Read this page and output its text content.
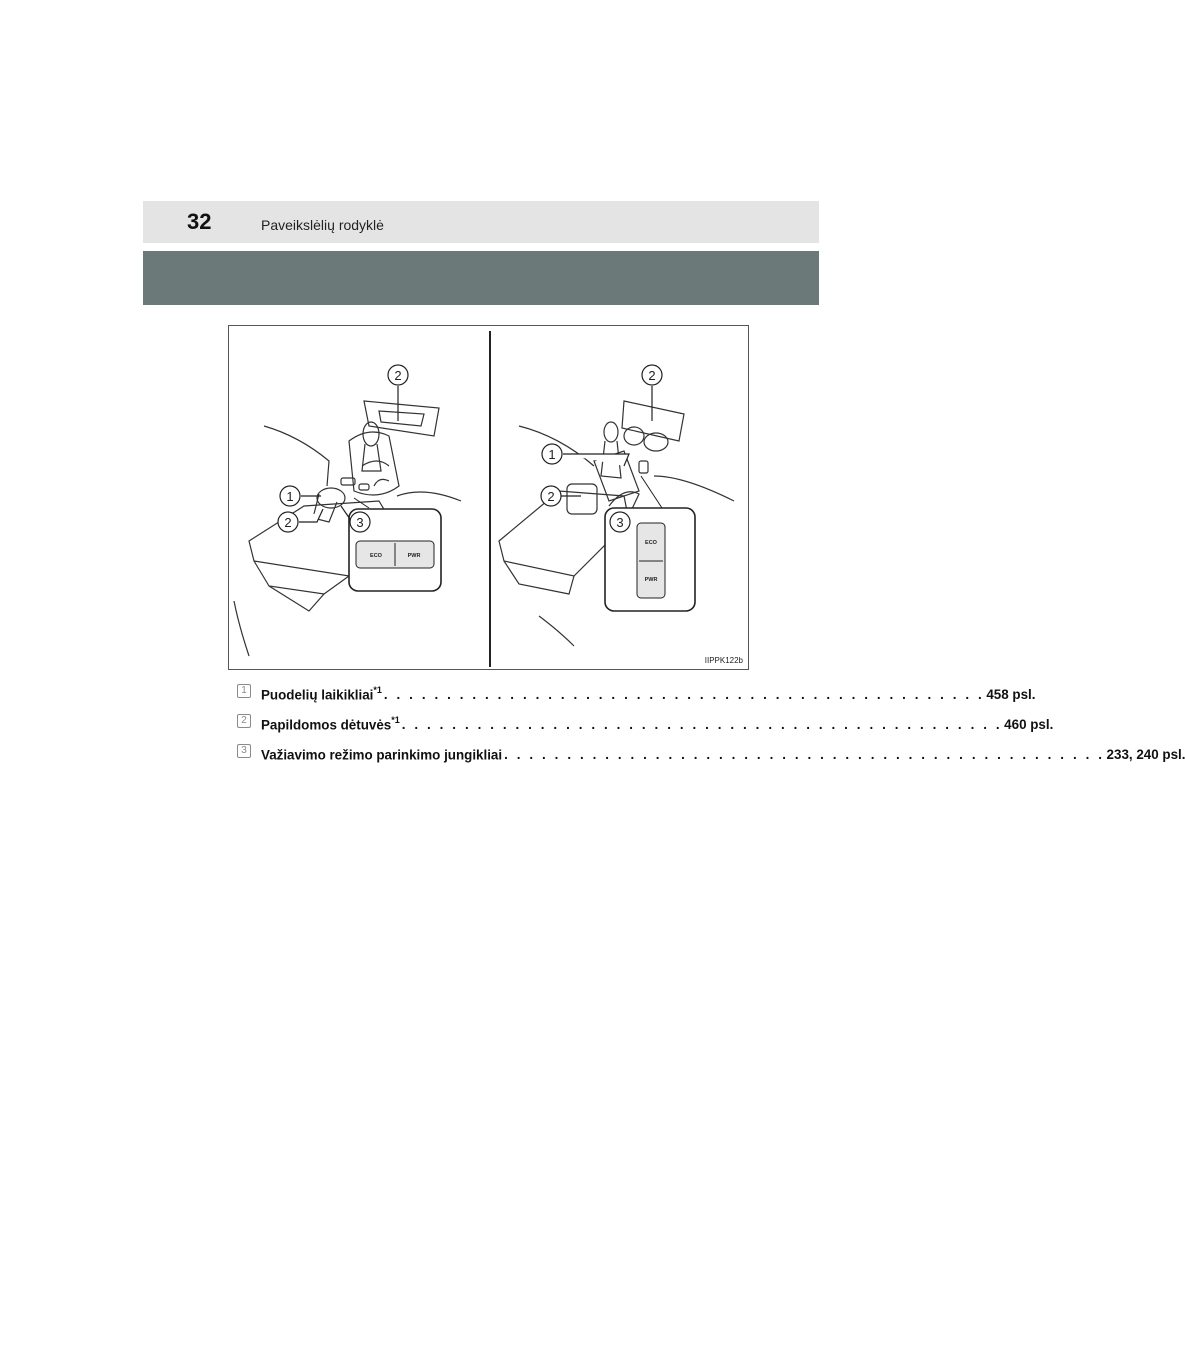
32	Paveikslėlių rodyklė
ECO	PWR
2
1
2	3
ECO
PWR
2
1
2
3
IIPPK122b
1	Puodelių laikikliai$^{*1}$ . . . . . . . . . . . . . . . . . . . . . . . . . . . . . . . . . . . . . . . . . . . . . . . . 458 psl.
2	Papildomos dėtuvės$^{*1}$ . . . . . . . . . . . . . . . . . . . . . . . . . . . . . . . . . . . . . . . . . . . . . . . . 460 psl.
3	Važiavimo režimo parinkimo jungikliai . . . . . . . . . . . . . . . . . . . . . . . . . . . . . . . . . . . . . . . . . . . . . . . . 233, 240 psl.
